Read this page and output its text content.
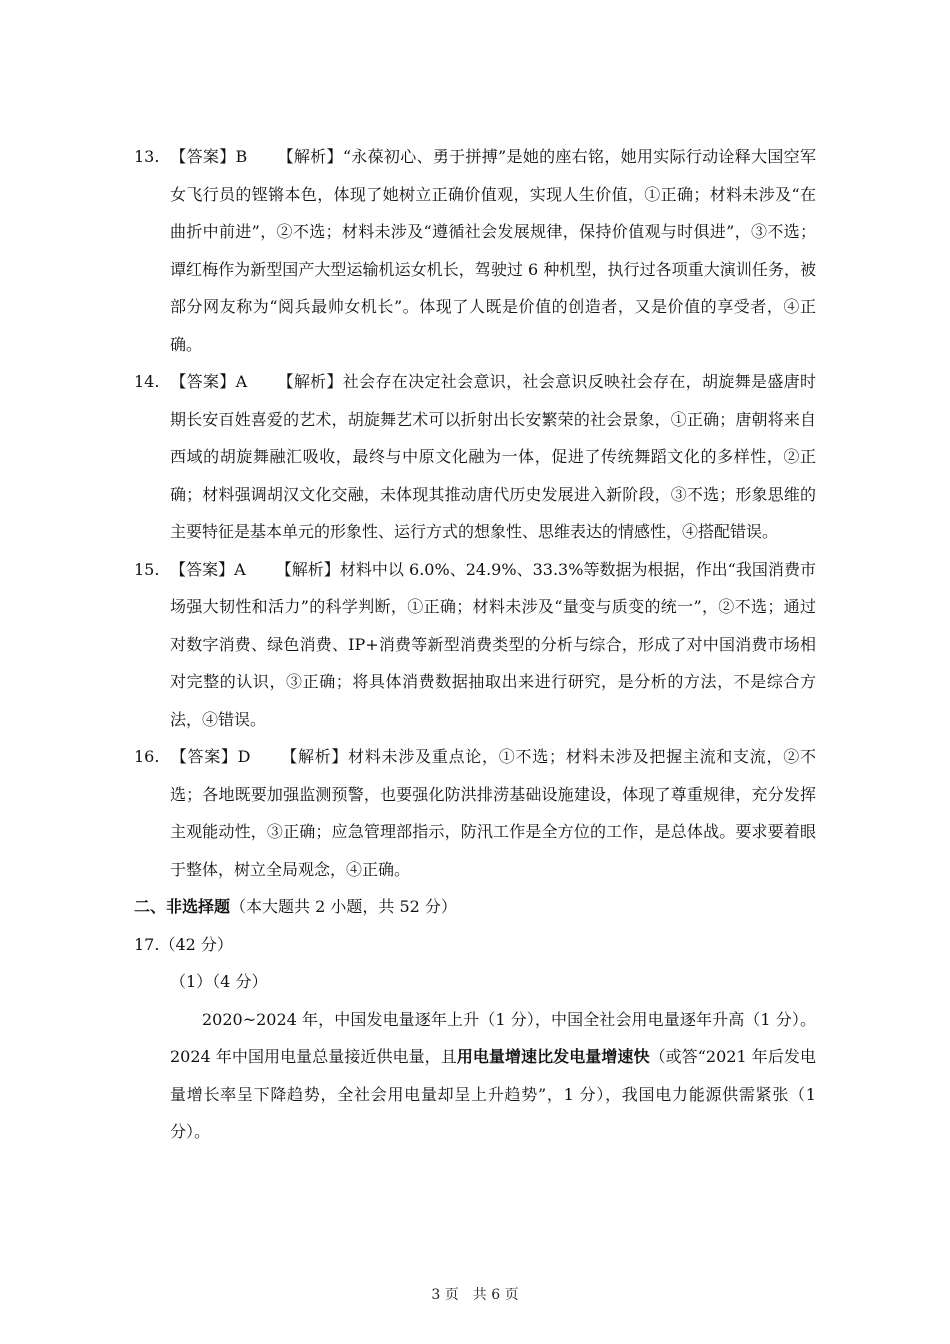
13. 【答案】B 【解析】“永葆初心、勇于拼搏”是她的座右铭，她用实际行动诠释大国空军女飞行员的铿锵本色，体现了她树立正确价值观，实现人生价值，①正确；材料未涉及“在曲折中前进”，②不选；材料未涉及“遵循社会发展规律，保持价值观与时俱进”，③不选；谭红梅作为新型国产大型运输机运女机长，驾驶过 6 种机型，执行过各项重大演训任务，被部分网友称为“阅兵最帅女机长”。体现了人既是价值的创造者，又是价值的享受者，④正确。

14. 【答案】A 【解析】社会存在决定社会意识，社会意识反映社会存在，胡旋舞是盛唐时期长安百姓喜爱的艺术，胡旋舞艺术可以折射出长安繁荣的社会景象，①正确；唐朝将来自西域的胡旋舞融汇吸收，最终与中原文化融为一体，促进了传统舞蹈文化的多样性，②正确；材料强调胡汉文化交融，未体现其推动唐代历史发展进入新阶段，③不选；形象思维的主要特征是基本单元的形象性、运行方式的想象性、思维表达的情感性，④搭配错误。

15. 【答案】A 【解析】材料中以 6.0%、24.9%、33.3%等数据为根据，作出“我国消费市场强大韧性和活力”的科学判断，①正确；材料未涉及“量变与质变的统一”，②不选；通过对数字消费、绿色消费、IP+消费等新型消费类型的分析与综合，形成了对中国消费市场相对完整的认识，③正确；将具体消费数据抽取出来进行研究，是分析的方法，不是综合方法，④错误。

16. 【答案】D 【解析】材料未涉及重点论，①不选；材料未涉及把握主流和支流，②不选；各地既要加强监测预警，也要强化防洪排涝基础设施建设，体现了尊重规律，充分发挥主观能动性，③正确；应急管理部指示，防汛工作是全方位的工作，是总体战。要求要着眼于整体，树立全局观念，④正确。

二、非选择题（本大题共 2 小题，共 52 分）

17.（42 分）

（1）（4 分）

2020~2024 年，中国发电量逐年上升（1 分），中国全社会用电量逐年升高（1 分）。2024 年中国用电量总量接近供电量，且用电量增速比发电量增速快（或答“2021 年后发电量增长率呈下降趋势，全社会用电量却呈上升趋势”，1 分），我国电力能源供需紧张（1 分）。

3 页　共 6 页
